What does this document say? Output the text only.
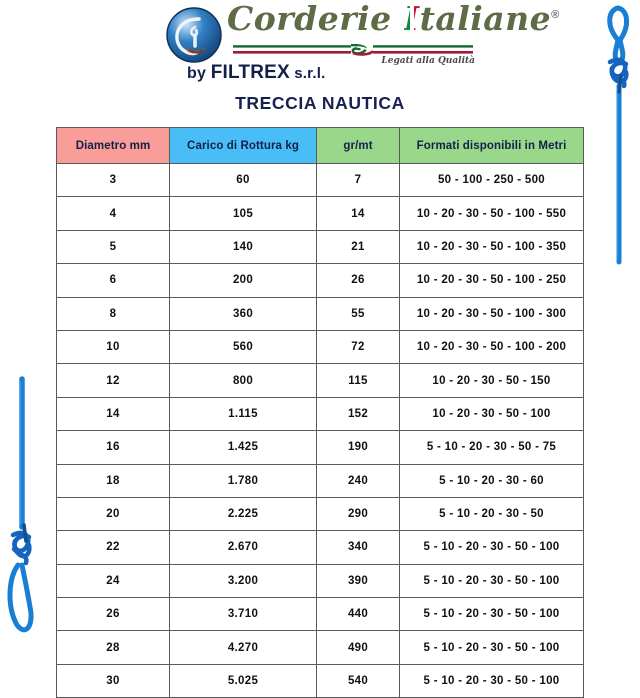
Corderie Italiane®
Legati alla Qualità
by FILTREX s.r.l.
TRECCIA NAUTICA
Diametro mm	Carico di Rottura kg	gr/mt	Formati disponibili in Metri
3	60	7	50 - 100 - 250 - 500
4	105	14	10 - 20 - 30 - 50 - 100 - 550
5	140	21	10 - 20 - 30 - 50 - 100 - 350
6	200	26	10 - 20 - 30 - 50 - 100 - 250
8	360	55	10 - 20 - 30 - 50 - 100 - 300
10	560	72	10 - 20 - 30 - 50 - 100 - 200
12	800	115	10 - 20 - 30 - 50 - 150
14	1.115	152	10 - 20 - 30 - 50 - 100
16	1.425	190	5 - 10 - 20 - 30 - 50 - 75
18	1.780	240	5 - 10 - 20 - 30 - 60
20	2.225	290	5 - 10 - 20 - 30 - 50
22	2.670	340	5 - 10 - 20 - 30 - 50 - 100
24	3.200	390	5 - 10 - 20 - 30 - 50 - 100
26	3.710	440	5 - 10 - 20 - 30 - 50 - 100
28	4.270	490	5 - 10 - 20 - 30 - 50 - 100
30	5.025	540	5 - 10 - 20 - 30 - 50 - 100
